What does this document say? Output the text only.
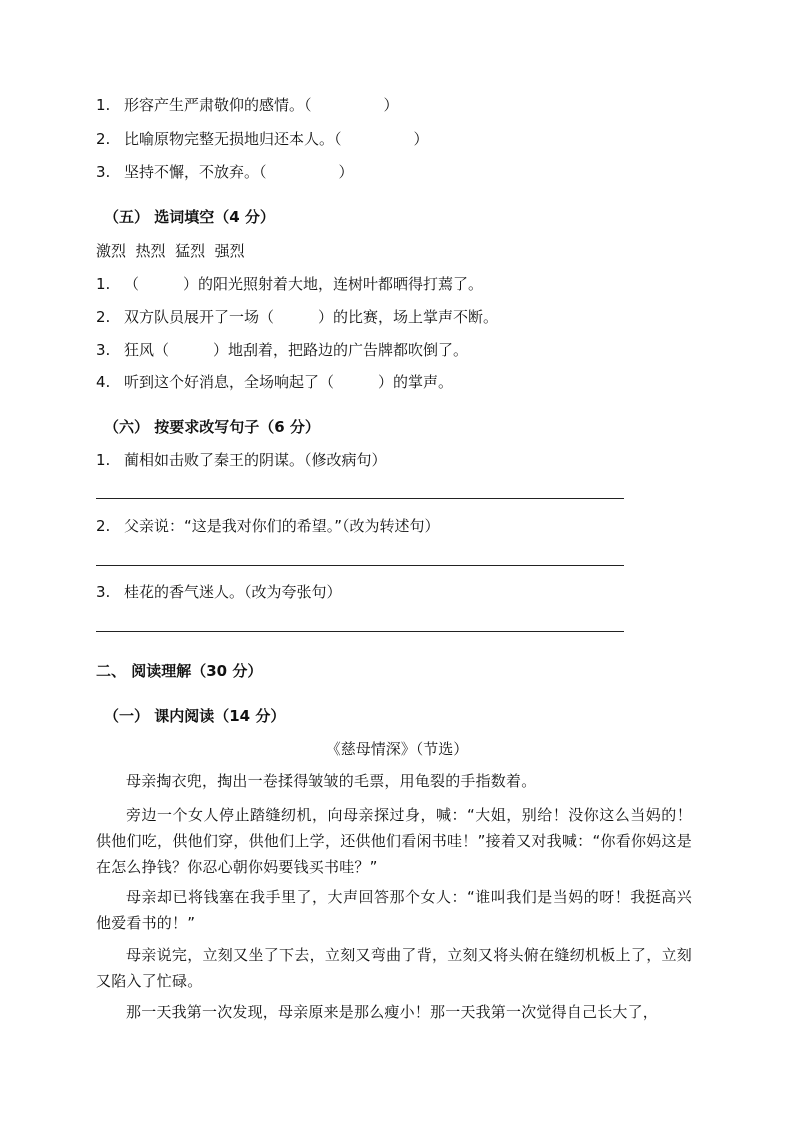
1. 形容产生严肃敬仰的感情。（	）
2. 比喻原物完整无损地归还本人。（	）
3. 坚持不懈，不放弃。（	）
（五） 选词填空（4 分）
激烈  热烈  猛烈  强烈
1. （	）的阳光照射着大地，连树叶都晒得打蔫了。
2. 双方队员展开了一场（	）的比赛，场上掌声不断。
3. 狂风（	）地刮着，把路边的广告牌都吹倒了。
4. 听到这个好消息，全场响起了（	）的掌声。
（六） 按要求改写句子（6 分）
1. 蔺相如击败了秦王的阴谋。（修改病句）
2. 父亲说：“这是我对你们的希望。”（改为转述句）
3. 桂花的香气迷人。（改为夸张句）
二、 阅读理解（30 分）
（一） 课内阅读（14 分）
《慈母情深》（节选）
母亲掏衣兜，掏出一卷揉得皱皱的毛票，用龟裂的手指数着。
旁边一个女人停止踏缝纫机，向母亲探过身，喊：“大姐，别给！没你这么当妈的！供他们吃，供他们穿，供他们上学，还供他们看闲书哇！”接着又对我喊：“你看你妈这是在怎么挣钱？你忍心朝你妈要钱买书哇？”
母亲却已将钱塞在我手里了，大声回答那个女人：“谁叫我们是当妈的呀！我挺高兴他爱看书的！”
母亲说完，立刻又坐了下去，立刻又弯曲了背，立刻又将头俯在缝纫机板上了，立刻又陷入了忙碌。
那一天我第一次发现，母亲原来是那么瘦小！那一天我第一次觉得自己长大了，
